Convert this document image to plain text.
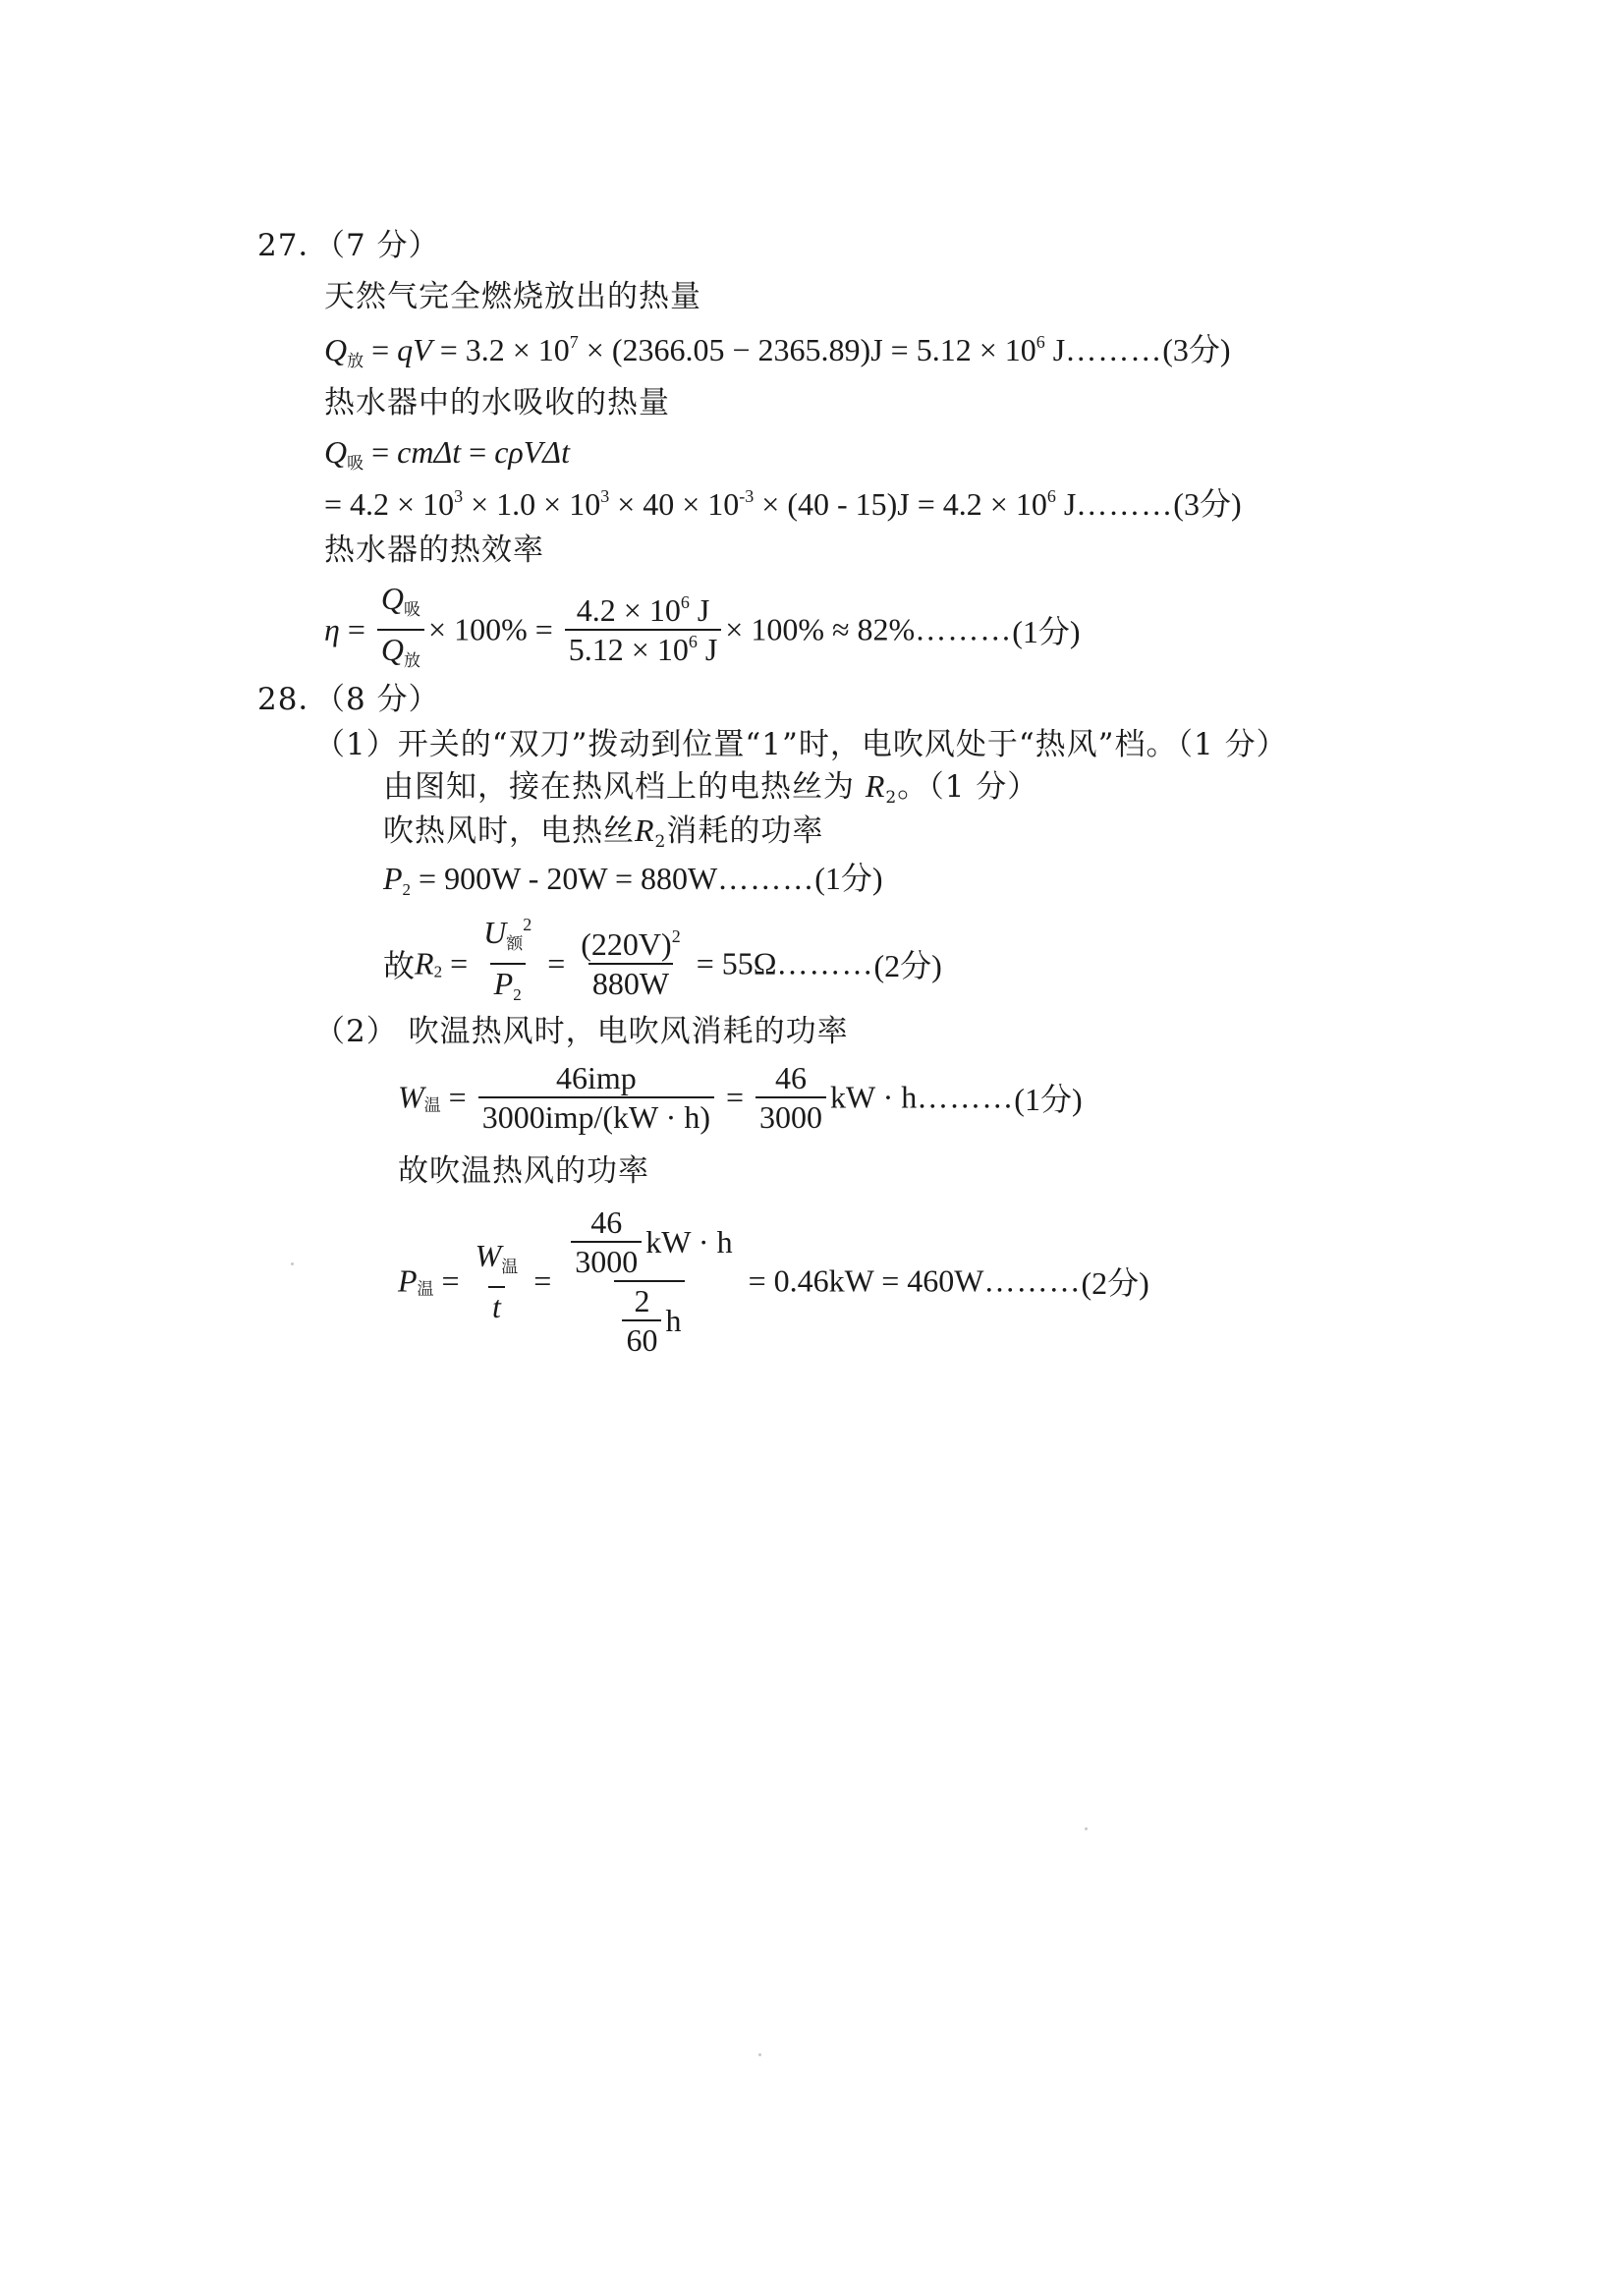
27．（7 分）
天然气完全燃烧放出的热量
$Q_放$ = qV = $3.2 \times 10^7 \times (2366.05 - 2365.89)J = 5.12 \times 10^6$ J………(3分)
热水器中的水吸收的热量
$Q_吸 = cm\Delta t = c\rho V\Delta t$
= $4.2 \times 10^3 \times 1.0 \times 10^3 \times 40 \times 10^{-3} \times (40 - 15)J = 4.2 \times 10^6$ J………(3分)
热水器的热效率
$\eta = \frac{Q_吸}{Q_放} \times 100\% = \frac{4.2 \times 10^6 J}{5.12 \times 10^6 J} \times 100\%$ ≈ 82%………(1分)
28．（8 分）
（1）开关的“双刀”拨动到位置“1”时，电吹风处于“热风”档。（1 分）
由图知，接在热风档上的电热丝为 $R_2$。（1 分）
吹热风时，电热丝$R_2$消耗的功率
$P_2 = 900W - 20W$ = 880W………(1分)
故$R_2 = \frac{U_额^2}{P_2} = \frac{(220V)^2}{880W}$ = 55Ω………(2分)
（2） 吹温热风时，电吹风消耗的功率
$W_温 = \frac{\text{46imp}}{\text{3000imp/(kW · h)}} = \frac{46}{3000}$ kW · h………(1分)
故吹温热风的功率
$P_温 = \frac{W_温}{t} = \frac{\frac{46}{3000} kW \cdot h}{\frac{2}{60} h} = 0.46kW$ = 460W………(2分)
